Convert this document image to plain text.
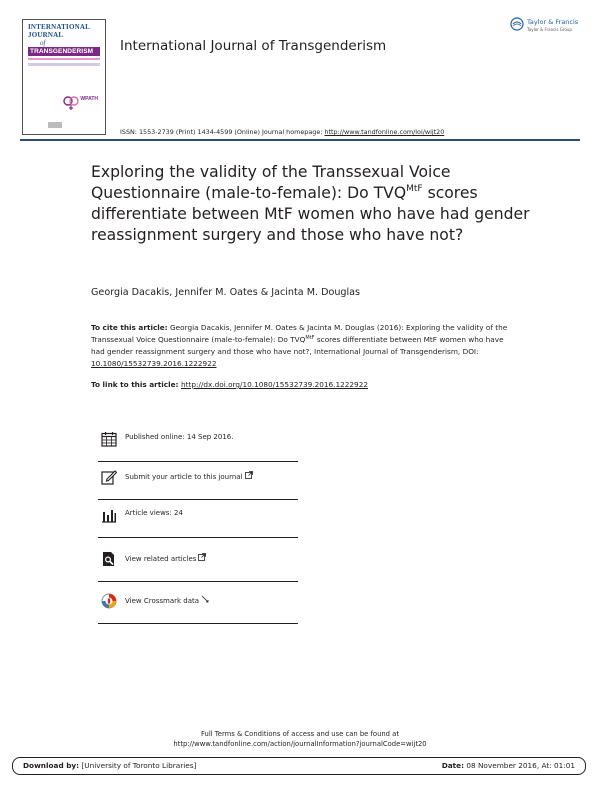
INTERNATIONAL
JOURNAL
of
TRANSGENDERISM
WPATH
International Journal of Transgenderism
Taylor & Francis
Taylor & Francis Group
ISSN: 1553-2739 (Print) 1434-4599 (Online) Journal homepage: http://www.tandfonline.com/loi/wijt20
Exploring the validity of the Transsexual Voice Questionnaire (male-to-female): Do $TVQ^{MtF}$ scores differentiate between MtF women who have had gender reassignment surgery and those who have not?
Georgia Dacakis, Jennifer M. Oates & Jacinta M. Douglas
To cite this article: Georgia Dacakis, Jennifer M. Oates & Jacinta M. Douglas (2016): Exploring the validity of the Transsexual Voice Questionnaire (male-to-female): Do $TVQ^{MtF}$ scores differentiate between MtF women who have had gender reassignment surgery and those who have not?, International Journal of Transgenderism, DOI: 10.1080/15532739.2016.1222922
To link to this article: http://dx.doi.org/10.1080/15532739.2016.1222922
Published online: 14 Sep 2016.
Submit your article to this journal
Article views: 24
View related articles
View Crossmark data
Full Terms & Conditions of access and use can be found at
http://www.tandfonline.com/action/journalInformation?journalCode=wijt20
Download by: [University of Toronto Libraries]	Date: 08 November 2016, At: 01:01
